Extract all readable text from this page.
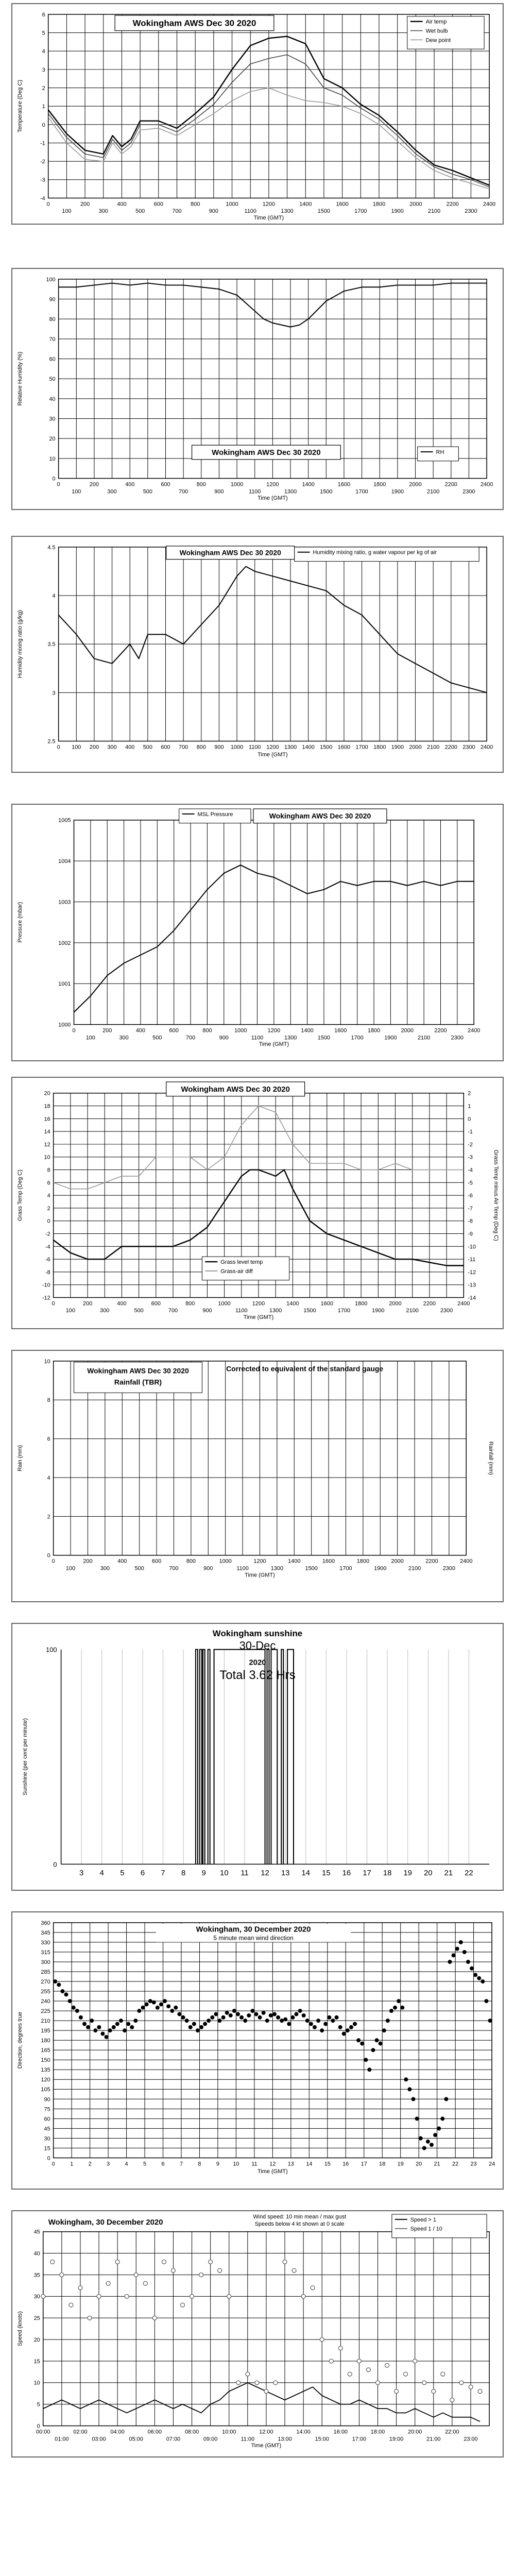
-4
-3
-2
-1
0
1
2
3
4
5
6
0
100
200
300
400
500
600
700
800
900
1000
1100
1200
1300
1400
1500
1600
1700
1800
1900
2000
2100
2200
2300
2400
Time (GMT)
Temperature (Deg C)
Wokingham AWS Dec 30 2020	Air temp
Wet bulb
Dew point
0
10
20
30
40
50
60
70
80
90
100
0
100
200
300
400
500
600
700
800
900
1000
1100
1200
1300
1400
1500
1600
1700
1800
1900
2000
2100
2200
2300
2400
Time (GMT)
Relative Humidity (%)
Wokingham AWS Dec 30 2020	RH
2.5
3
3.5
4
4.5
0 100 200 300 400 500 600 700 800 900 1000 1100 1200 1300 1400 1500 1600 1700 1800 1900 2000 2100 2200 2300 2400
Time (GMT)
Humidity mixing ratio (g/kg)
Wokingham AWS Dec 30 2020	Humidity mixing ratio, g water vapour per kg of air
1000
1001
1002
1003
1004
1005
0
100
200
300
400
500
600
700
800
900
1000
1100
1200
1300
1400
1500
1600
1700
1800
1900
2000
2100
2200
2300
2400
Time (GMT)
Pressure (mbar)
MSL Pressure	Wokingham AWS Dec 30 2020
-12
-10
-8
-6
-4
-2
0
2
4
6
8
10
12
14
16
18
20
0
100
200
300
400
500
600
700
800
900
1000
1100
1200
1300
1400
1500
1600
1700
1800
1900
2000
2100
2200
2300
2400
Time (GMT)
Grass Temp (Deg C)
-14
-13
-12
-11
-10
-9
-8
-7
-6
-5
-4
-3
-2
-1
0
1
2
Grass Temp minus Air Temp (Deg C)
Wokingham AWS Dec 30 2020
Grass level temp
Grass-air diff
0
2
4
6
8
10
0
100
200
300
400
500
600
700
800
900
1000
1100
1200
1300
1400
1500
1600
1700
1800
1900
2000
2100
2200
2300
2400
Time (GMT)
Rain (mm)	Rainfall (mm)
Wokingham AWS Dec 30 2020
Rainfall (TBR)
Corrected to equivalent of the standard gauge
3 4 5 6 7 8 9 10 11 12 13 14 15 16 17 18 19 20 21 22
0
100
Sunshine (per cent per minute)
Wokingham sunshine
30-Dec
2020
Total 3.62 Hrs
0
15
30
45
60
75
90
105
120
135
150
165
180
195
210
225
240
255
270
285
300
315
330
345
360
0	1	2	3	4	5	6	7	8	9 10 11 12 13 14 15 16 17 18 19 20 21 22 23 24
Time (GMT)
Direction, degrees true
Wokingham, 30 December 2020
5 minute mean wind direction
0
5
10
15
20
25
30
35
40
45
00:00
01:00
02:00
03:00
04:00
05:00
06:00
07:00
08:00
09:00
10:00
11:00
12:00
13:00
14:00
15:00
16:00
17:00
18:00
19:00
20:00
21:00
22:00
23:00
Time (GMT)
Speed (knots)
Wokingham, 30 December 2020
Wind speed: 10 min mean / max gust
Speeds below 4 kt shown at 0 scale
Speed > 1
Speed 1 / 10
